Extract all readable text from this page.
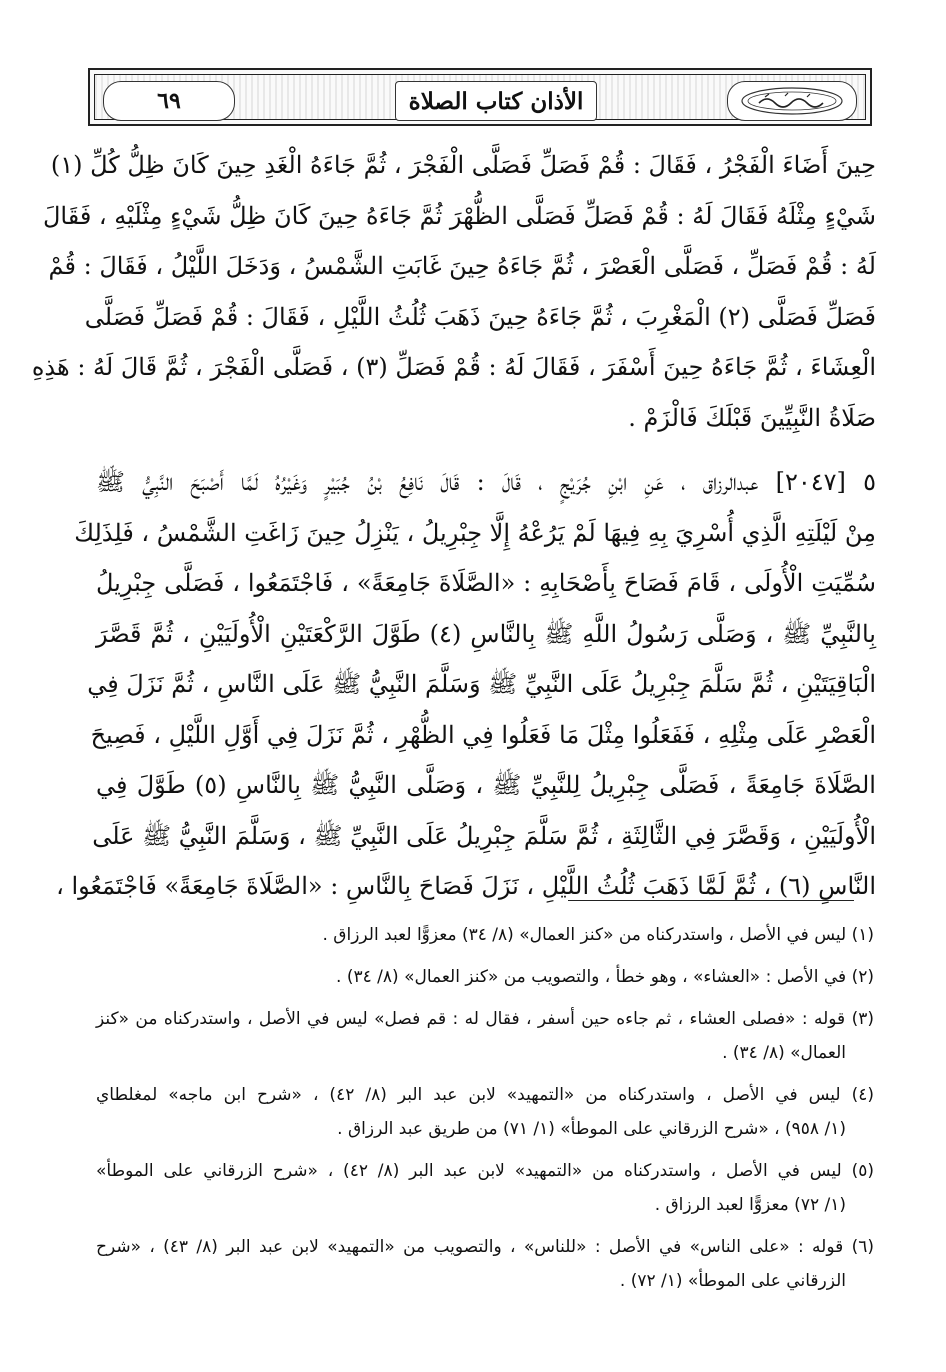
٦٩	الأذان كتاب الصلاة
حِينَ أَضَاءَ الْفَجْرُ ، فَقَالَ : قُمْ فَصَلِّ فَصَلَّى الْفَجْرَ ، ثُمَّ جَاءَهُ الْغَدِ حِينَ كَانَ ظِلُّ كُلِّ (١)
شَيْءٍ مِثْلَهُ فَقَالَ لَهُ : قُمْ فَصَلِّ فَصَلَّى الظُّهْرَ ثُمَّ جَاءَهُ حِينَ كَانَ ظِلُّ شَيْءٍ مِثْلَيْهِ ، فَقَالَ
لَهُ : قُمْ فَصَلِّ ، فَصَلَّى الْعَصْرَ ، ثُمَّ جَاءَهُ حِينَ غَابَتِ الشَّمْسُ ، وَدَخَلَ اللَّيْلُ ، فَقَالَ : قُمْ
فَصَلِّ فَصَلَّى (٢) الْمَغْرِبَ ، ثُمَّ جَاءَهُ حِينَ ذَهَبَ ثُلُثُ اللَّيْلِ ، فَقَالَ : قُمْ فَصَلِّ فَصَلَّى
الْعِشَاءَ ، ثُمَّ جَاءَهُ حِينَ أَسْفَرَ ، فَقَالَ لَهُ : قُمْ فَصَلِّ (٣) ، فَصَلَّى الْفَجْرَ ، ثُمَّ قَالَ لَهُ : هَذِهِ
صَلَاةُ النَّبِيِّينَ قَبْلَكَ فَالْزَمْ .
٥ [٢٠٤٧] عبدالرزاق ، عَنِ ابْنِ جُرَيْجٍ ، قَالَ : قَالَ نَافِعُ بْنُ جُبَيْرٍ وَغَيْرُهُ لَمَّا أَصْبَحَ النَّبِيُّ ﷺ
مِنْ لَيْلَتِهِ الَّذِي أُسْرِيَ بِهِ فِيهَا لَمْ يَرُعْهُ إِلَّا جِبْرِيلُ ، يَنْزِلُ حِينَ زَاغَتِ الشَّمْسُ ، فَلِذَلِكَ
سُمِّيَتِ الْأُولَى ، قَامَ فَصَاحَ بِأَصْحَابِهِ : «الصَّلَاةَ جَامِعَةً» ، فَاجْتَمَعُوا ، فَصَلَّى جِبْرِيلُ
بِالنَّبِيِّ ﷺ ، وَصَلَّى رَسُولُ اللَّهِ ﷺ بِالنَّاسِ (٤) طَوَّلَ الرَّكْعَتَيْنِ الْأُولَيَيْنِ ، ثُمَّ قَصَّرَ
الْبَاقِيَتَيْنِ ، ثُمَّ سَلَّمَ جِبْرِيلُ عَلَى النَّبِيِّ ﷺ وَسَلَّمَ النَّبِيُّ ﷺ عَلَى النَّاسِ ، ثُمَّ نَزَلَ فِي
الْعَصْرِ عَلَى مِثْلِهِ ، فَفَعَلُوا مِثْلَ مَا فَعَلُوا فِي الظُّهْرِ ، ثُمَّ نَزَلَ فِي أَوَّلِ اللَّيْلِ ، فَصِيحَ
الصَّلَاةَ جَامِعَةً ، فَصَلَّى جِبْرِيلُ لِلنَّبِيِّ ﷺ ، وَصَلَّى النَّبِيُّ ﷺ بِالنَّاسِ (٥) طَوَّلَ فِي
الْأُولَيَيْنِ ، وَقَصَّرَ فِي الثَّالِثَةِ ، ثُمَّ سَلَّمَ جِبْرِيلُ عَلَى النَّبِيِّ ﷺ ، وَسَلَّمَ النَّبِيُّ ﷺ عَلَى
النَّاسِ (٦) ، ثُمَّ لَمَّا ذَهَبَ ثُلُثُ اللَّيْلِ ، نَزَلَ فَصَاحَ بِالنَّاسِ : «الصَّلَاةَ جَامِعَةً» فَاجْتَمَعُوا ،
(١) ليس في الأصل ، واستدركناه من «كنز العمال» (٨/ ٣٤) معزوًّا لعبد الرزاق .
(٢) في الأصل : «العشاء» ، وهو خطأ ، والتصويب من «كنز العمال» (٨/ ٣٤) .
(٣) قوله : «فصلى العشاء ، ثم جاءه حين أسفر ، فقال له : قم فصل» ليس في الأصل ، واستدركناه من «كنز
العمال» (٨/ ٣٤) .
(٤) ليس في الأصل ، واستدركناه من «التمهيد» لابن عبد البر (٨/ ٤٢) ، «شرح ابن ماجه» لمغلطاي
(١/ ٩٥٨) ، «شرح الزرقاني على الموطأ» (١/ ٧١) من طريق عبد الرزاق .
(٥) ليس في الأصل ، واستدركناه من «التمهيد» لابن عبد البر (٨/ ٤٢) ، «شرح الزرقاني على الموطأ»
(١/ ٧٢) معزوًّا لعبد الرزاق .
(٦) قوله : «على الناس» في الأصل : «للناس» ، والتصويب من «التمهيد» لابن عبد البر (٨/ ٤٣) ، «شرح
الزرقاني على الموطأ» (١/ ٧٢) .
